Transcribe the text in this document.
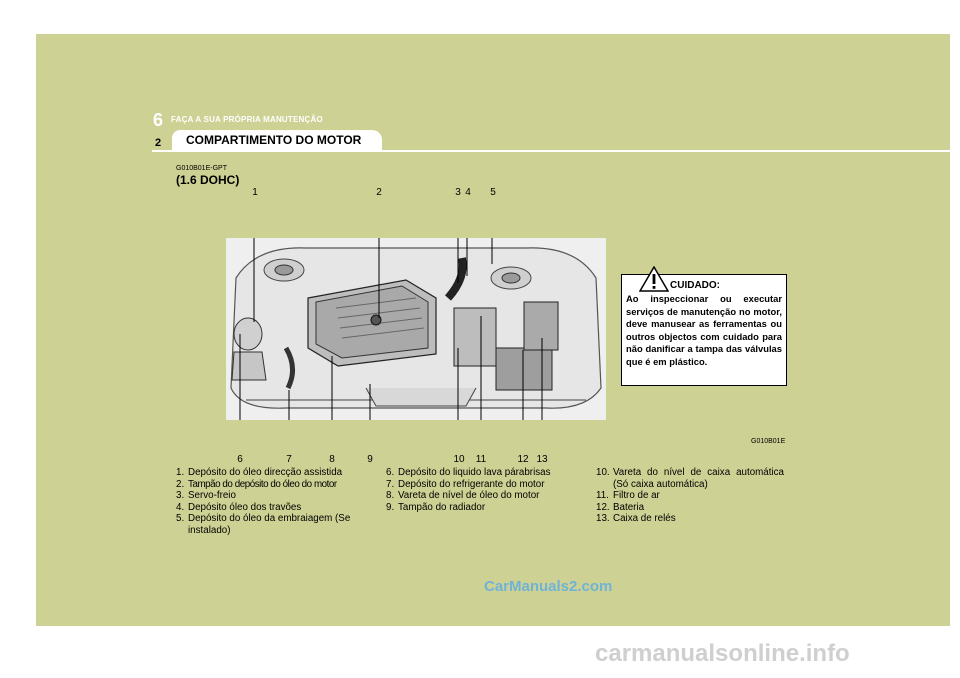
6 FAÇA A SUA PRÓPRIA MANUTENÇÃO
2 COMPARTIMENTO DO MOTOR
G010B01E-GPT
(1.6 DOHC)
1	2	3 4	5
6	7	8	9	10	11	12 13
CUIDADO:
Ao inspeccionar ou executar serviços de manutenção no motor, deve manusear as ferramentas ou outros objectos com cuidado para não danificar a tampa das válvulas que é em plástico.
G010B01E
1. Depósito do óleo direcção assistida
2. Tampão do depósito do óleo do motor
3. Servo-freio
4. Depósito óleo dos travões
5. Depósito do óleo da embraiagem (Se instalado)
6. Depósito do liquido lava párabrisas
7. Depósito do refrigerante do motor
8. Vareta de nível de óleo do motor
9. Tampão do radiador
10. Vareta do nível de caixa automática (Só caixa automática)
11. Filtro de ar
12. Bateria
13. Caixa de relés
CarManuals2.com
carmanualsonline.info
